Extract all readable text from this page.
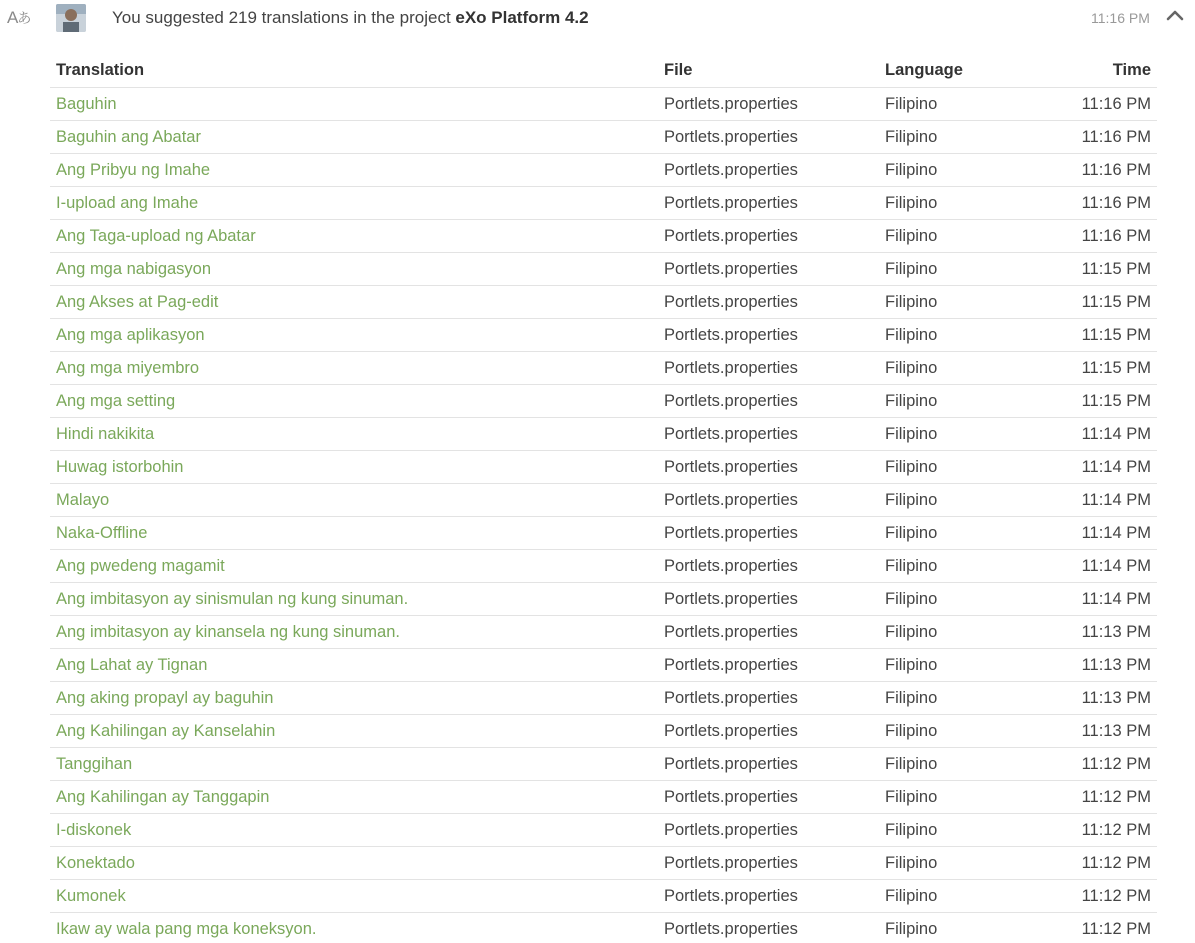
Aあ	You suggested 219 translations in the project eXo Platform 4.2	11:16 PM
Translation	File	Language	Time
Baguhin	Portlets.properties	Filipino	11:16 PM
Baguhin ang Abatar	Portlets.properties	Filipino	11:16 PM
Ang Pribyu ng Imahe	Portlets.properties	Filipino	11:16 PM
I-upload ang Imahe	Portlets.properties	Filipino	11:16 PM
Ang Taga-upload ng Abatar	Portlets.properties	Filipino	11:16 PM
Ang mga nabigasyon	Portlets.properties	Filipino	11:15 PM
Ang Akses at Pag-edit	Portlets.properties	Filipino	11:15 PM
Ang mga aplikasyon	Portlets.properties	Filipino	11:15 PM
Ang mga miyembro	Portlets.properties	Filipino	11:15 PM
Ang mga setting	Portlets.properties	Filipino	11:15 PM
Hindi nakikita	Portlets.properties	Filipino	11:14 PM
Huwag istorbohin	Portlets.properties	Filipino	11:14 PM
Malayo	Portlets.properties	Filipino	11:14 PM
Naka-Offline	Portlets.properties	Filipino	11:14 PM
Ang pwedeng magamit	Portlets.properties	Filipino	11:14 PM
Ang imbitasyon ay sinismulan ng kung sinuman.	Portlets.properties	Filipino	11:14 PM
Ang imbitasyon ay kinansela ng kung sinuman.	Portlets.properties	Filipino	11:13 PM
Ang Lahat ay Tignan	Portlets.properties	Filipino	11:13 PM
Ang aking propayl ay baguhin	Portlets.properties	Filipino	11:13 PM
Ang Kahilingan ay Kanselahin	Portlets.properties	Filipino	11:13 PM
Tanggihan	Portlets.properties	Filipino	11:12 PM
Ang Kahilingan ay Tanggapin	Portlets.properties	Filipino	11:12 PM
I-diskonek	Portlets.properties	Filipino	11:12 PM
Konektado	Portlets.properties	Filipino	11:12 PM
Kumonek	Portlets.properties	Filipino	11:12 PM
Ikaw ay wala pang mga koneksyon.	Portlets.properties	Filipino	11:12 PM
